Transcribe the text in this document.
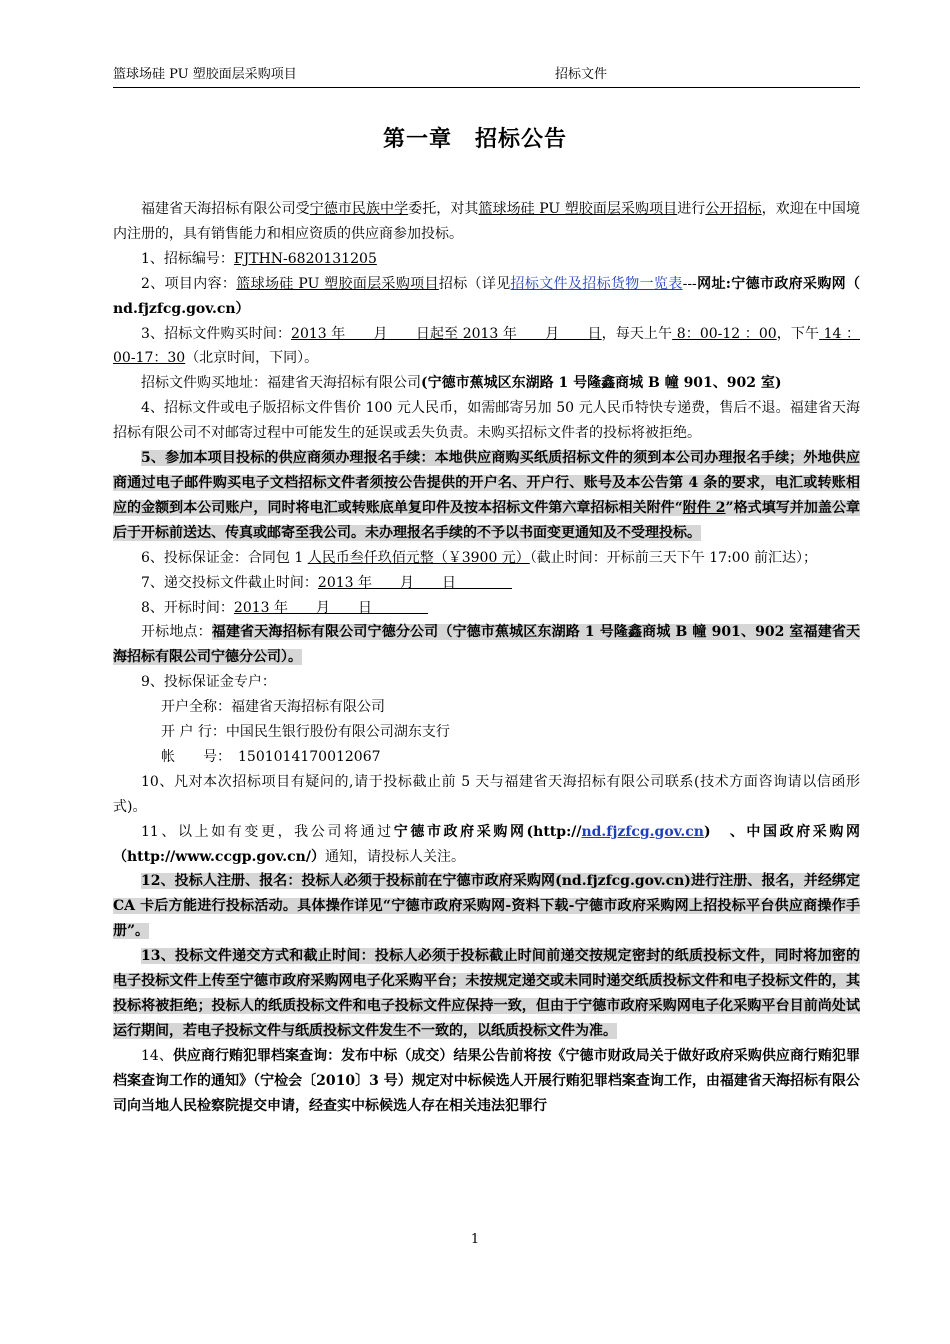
篮球场硅 PU 塑胶面层采购项目	招标文件
第一章　招标公告

福建省天海招标有限公司受宁德市民族中学委托，对其篮球场硅 PU 塑胶面层采购项目进行公开招标，欢迎在中国境内注册的，具有销售能力和相应资质的供应商参加投标。

1、招标编号：FJTHN-6820131205

2、项目内容：篮球场硅 PU 塑胶面层采购项目招标（详见招标文件及招标货物一览表---网址:宁德市政府采购网（ nd.fjzfcg.gov.cn）

3、招标文件购买时间：2013 年　　月　　日起至 2013 年　　月　　日，每天上午 8：00-12 ：00，下午 14 ：00-17：30（北京时间，下同）。

招标文件购买地址：福建省天海招标有限公司(宁德市蕉城区东湖路 1 号隆鑫商城 B 幢 901、902 室)

4、招标文件或电子版招标文件售价 100 元人民币，如需邮寄另加 50 元人民币特快专递费，售后不退。福建省天海招标有限公司不对邮寄过程中可能发生的延误或丢失负责。未购买招标文件者的投标将被拒绝。

5、参加本项目投标的供应商须办理报名手续：本地供应商购买纸质招标文件的须到本公司办理报名手续；外地供应商通过电子邮件购买电子文档招标文件者须按公告提供的开户名、开户行、账号及本公告第 4 条的要求，电汇或转账相应的金额到本公司账户，同时将电汇或转账底单复印件及按本招标文件第六章招标相关附件“附件 2”格式填写并加盖公章后于开标前送达、传真或邮寄至我公司。未办理报名手续的不予以书面变更通知及不受理投标。

6、投标保证金：合同包 1 人民币叁仟玖佰元整（￥3900 元）（截止时间：开标前三天下午 17:00 前汇达）；

7、递交投标文件截止时间：2013 年　　月　　日　　　　

8、开标时间：2013 年　　月　　日　　　　

开标地点：福建省天海招标有限公司宁德分公司（宁德市蕉城区东湖路 1 号隆鑫商城 B 幢 901、902 室福建省天海招标有限公司宁德分公司）。

9、投标保证金专户：

开户全称：福建省天海招标有限公司

开 户 行：中国民生银行股份有限公司湖东支行

帐　　号：　1501014170012067

10、凡对本次招标项目有疑问的,请于投标截止前 5 天与福建省天海招标有限公司联系(技术方面咨询请以信函形式)。

11、以上如有变更，我公司将通过宁德市政府采购网(http://nd.fjzfcg.gov.cn)　、中国政府采购网（http://www.ccgp.gov.cn/）通知，请投标人关注。

12、投标人注册、报名：投标人必须于投标前在宁德市政府采购网(nd.fjzfcg.gov.cn)进行注册、报名，并经绑定 CA 卡后方能进行投标活动。具体操作详见“宁德市政府采购网-资料下载-宁德市政府采购网上招投标平台供应商操作手册”。

13、投标文件递交方式和截止时间：投标人必须于投标截止时间前递交按规定密封的纸质投标文件，同时将加密的电子投标文件上传至宁德市政府采购网电子化采购平台；未按规定递交或未同时递交纸质投标文件和电子投标文件的，其投标将被拒绝；投标人的纸质投标文件和电子投标文件应保持一致，但由于宁德市政府采购网电子化采购平台目前尚处试运行期间，若电子投标文件与纸质投标文件发生不一致的，以纸质投标文件为准。

14、供应商行贿犯罪档案查询：发布中标（成交）结果公告前将按《宁德市财政局关于做好政府采购供应商行贿犯罪档案查询工作的通知》（宁检会〔2010〕3 号）规定对中标候选人开展行贿犯罪档案查询工作，由福建省天海招标有限公司向当地人民检察院提交申请，经查实中标候选人存在相关违法犯罪行

1
